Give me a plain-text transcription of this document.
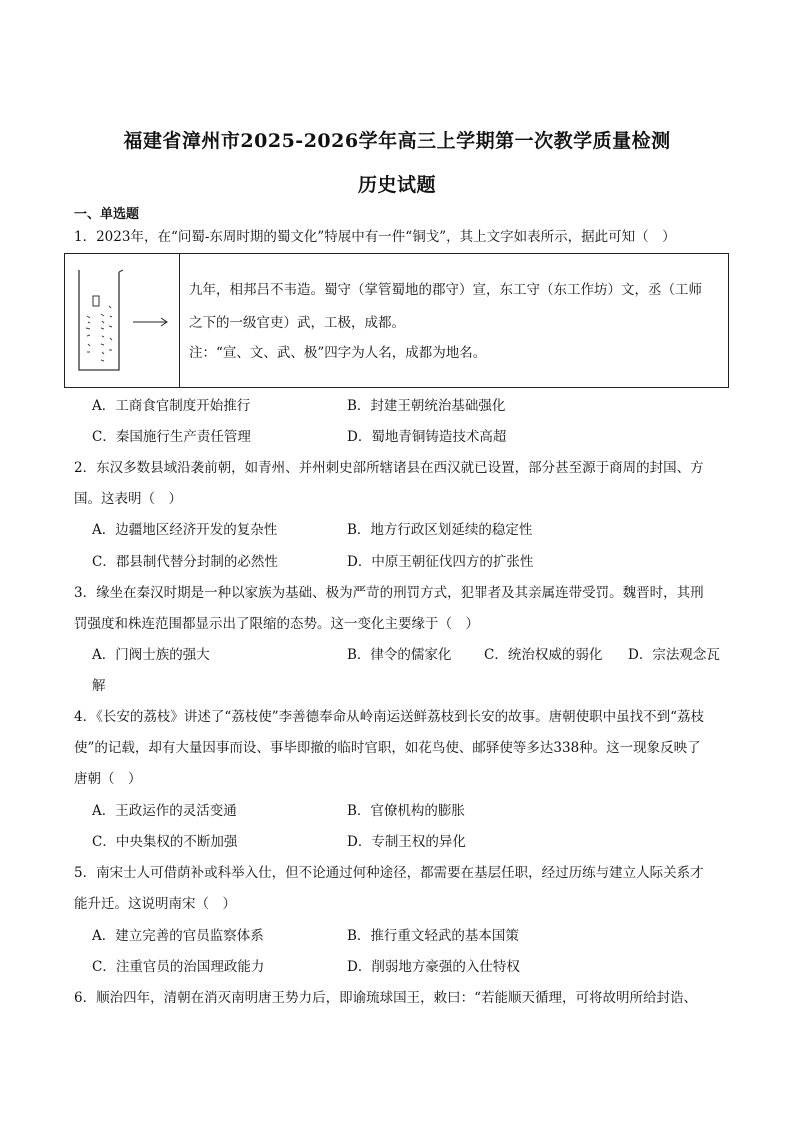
福建省漳州市2025-2026学年高三上学期第一次教学质量检测
历史试题
一、单选题
1．2023年，在“问蜀-东周时期的蜀文化”特展中有一件“铜戈”，其上文字如表所示，据此可知（　）
九年，相邦吕不韦造。蜀守（掌管蜀地的郡守）宣，东工守（东工作坊）文，丞（工师
之下的一级官吏）武，工极，成都。
注：“宣、文、武、极”四字为人名，成都为地名。
A．工商食官制度开始推行	B．封建王朝统治基础强化
C．秦国施行生产责任管理	D．蜀地青铜铸造技术高超
2．东汉多数县域沿袭前朝，如青州、并州刺史部所辖诸县在西汉就已设置，部分甚至源于商周的封国、方
国。这表明（　）
A．边疆地区经济开发的复杂性	B．地方行政区划延续的稳定性
C．郡县制代替分封制的必然性	D．中原王朝征伐四方的扩张性
3．缘坐在秦汉时期是一种以家族为基础、极为严苛的刑罚方式，犯罪者及其亲属连带受罚。魏晋时，其刑
罚强度和株连范围都显示出了限缩的态势。这一变化主要缘于（　）
A．门阀士族的强大	B．律令的儒家化 C．统治权威的弱化 D．宗法观念瓦
解
4．《长安的荔枝》讲述了“荔枝使”李善德奉命从岭南运送鲜荔枝到长安的故事。唐朝使职中虽找不到“荔枝
使”的记载，却有大量因事而设、事毕即撤的临时官职，如花鸟使、邮驿使等多达338种。这一现象反映了
唐朝（　）
A．王政运作的灵活变通	B．官僚机构的膨胀
C．中央集权的不断加强	D．专制王权的异化
5．南宋士人可借荫补或科举入仕，但不论通过何种途径，都需要在基层任职，经过历练与建立人际关系才
能升迁。这说明南宋（　）
A．建立完善的官员监察体系	B．推行重文轻武的基本国策
C．注重官员的治国理政能力	D．削弱地方豪强的入仕特权
6．顺治四年，清朝在消灭南明唐王势力后，即谕琉球国王，敕曰：“若能顺天循理，可将故明所给封诰、
